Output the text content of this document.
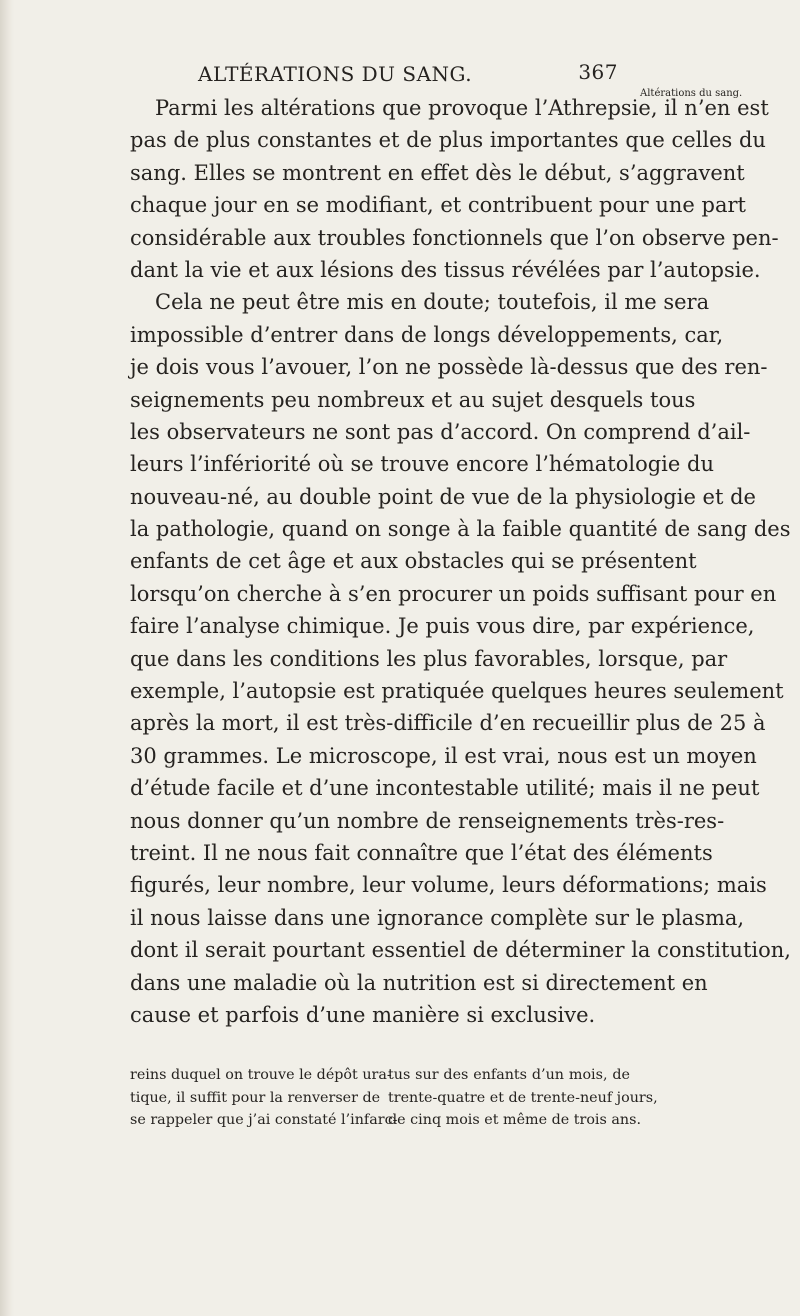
ALTÉRATIONS DU SANG.	367
Altérations du sang.
Parmi les altérations que provoque l’Athrepsie, il n’en est
pas de plus constantes et de plus importantes que celles du
sang. Elles se montrent en effet dès le début, s’aggravent
chaque jour en se modifiant, et contribuent pour une part
considérable aux troubles fonctionnels que l’on observe pen-
dant la vie et aux lésions des tissus révélées par l’autopsie.
Cela ne peut être mis en doute; toutefois, il me sera
impossible d’entrer dans de longs développements, car,
je dois vous l’avouer, l’on ne possède là-dessus que des ren-
seignements peu nombreux et au sujet desquels tous
les observateurs ne sont pas d’accord. On comprend d’ail-
leurs l’infériorité où se trouve encore l’hématologie du
nouveau-né, au double point de vue de la physiologie et de
la pathologie, quand on songe à la faible quantité de sang des
enfants de cet âge et aux obstacles qui se présentent
lorsqu’on cherche à s’en procurer un poids suffisant pour en
faire l’analyse chimique. Je puis vous dire, par expérience,
que dans les conditions les plus favorables, lorsque, par
exemple, l’autopsie est pratiquée quelques heures seulement
après la mort, il est très-difficile d’en recueillir plus de 25 à
30 grammes. Le microscope, il est vrai, nous est un moyen
d’étude facile et d’une incontestable utilité; mais il ne peut
nous donner qu’un nombre de renseignements très-res-
treint. Il ne nous fait connaître que l’état des éléments
figurés, leur nombre, leur volume, leurs déformations; mais
il nous laisse dans une ignorance complète sur le plasma,
dont il serait pourtant essentiel de déterminer la constitution,
dans une maladie où la nutrition est si directement en
cause et parfois d’une manière si exclusive.
reins duquel on trouve le dépôt ura-
tique, il suffit pour la renverser de
se rappeler que j’ai constaté l’infarc-
tus sur des enfants d’un mois, de
trente-quatre et de trente-neuf jours,
de cinq mois et même de trois ans.
